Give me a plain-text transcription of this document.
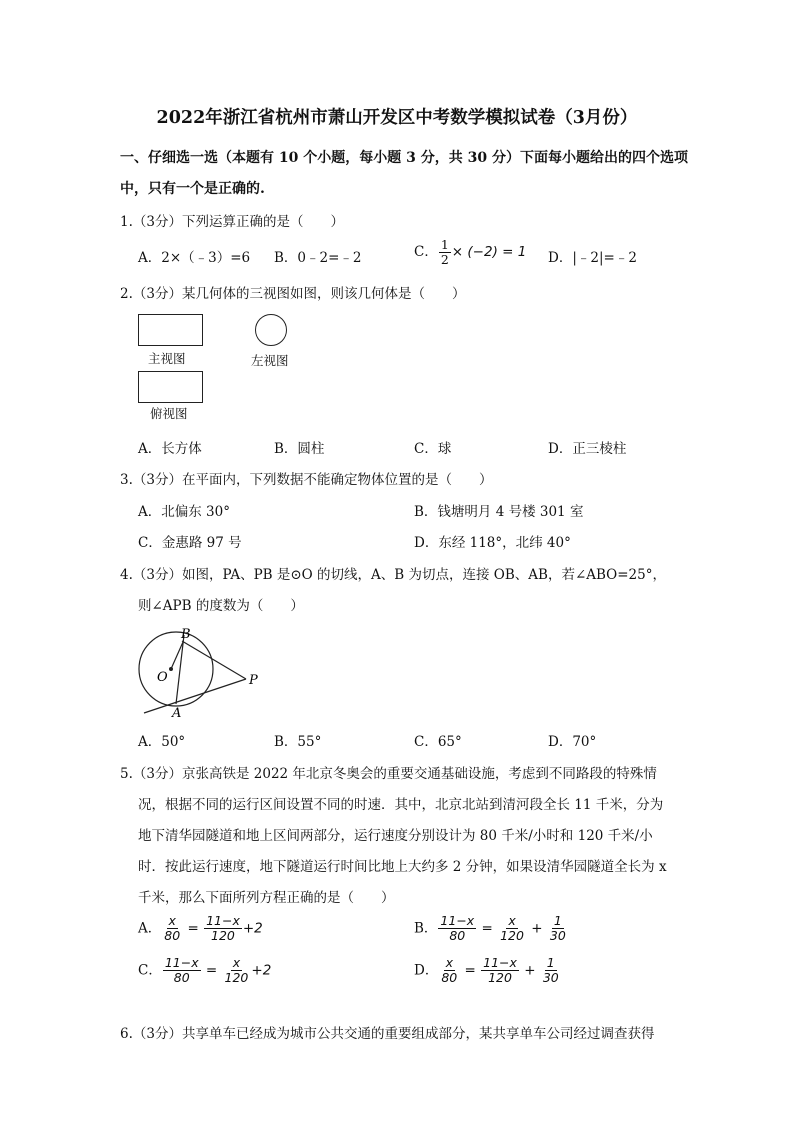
2022年浙江省杭州市萧山开发区中考数学模拟试卷（3月份）
一、仔细选一选（本题有 10 个小题，每小题 3 分，共 30 分）下面每小题给出的四个选项
中，只有一个是正确的.
1.（3分）下列运算正确的是（　　）
A．2×（﹣3）=6 B．0﹣2=﹣2	C． $\frac{1}{2} \times (-2) = 1$ D．|﹣2|=﹣2
2.（3分）某几何体的三视图如图，则该几何体是（　　）
主视图	左视图
俯视图
A．长方体	B．圆柱	C．球	D．正三棱柱
3.（3分）在平面内，下列数据不能确定物体位置的是（　　）
A．北偏东 30°	B．钱塘明月 4 号楼 301 室
C．金惠路 97 号	D．东经 118°，北纬 40°
4.（3分）如图，PA、PB 是⊙O 的切线，A、B 为切点，连接 OB、AB，若∠ABO=25°，
则∠APB 的度数为（　　）
B
O	P
A
A．50°	B．55°	C．65°	D．70°
5.（3分）京张高铁是 2022 年北京冬奥会的重要交通基础设施，考虑到不同路段的特殊情
况，根据不同的运行区间设置不同的时速．其中，北京北站到清河段全长 11 千米，分为
地下清华园隧道和地上区间两部分，运行速度分别设计为 80 千米/小时和 120 千米/小
时．按此运行速度，地下隧道运行时间比地上大约多 2 分钟，如果设清华园隧道全长为 x
千米，那么下面所列方程正确的是（　　）
A． $\frac{x}{80} = \frac{11-x}{120} +2$	B． $\frac{11-x}{80} = \frac{x}{120} + \frac{1}{30}$
C． $\frac{11-x}{80} = \frac{x}{120} +2$	D． $\frac{x}{80} = \frac{11-x}{120} + \frac{1}{30}$
6.（3分）共享单车已经成为城市公共交通的重要组成部分，某共享单车公司经过调查获得
